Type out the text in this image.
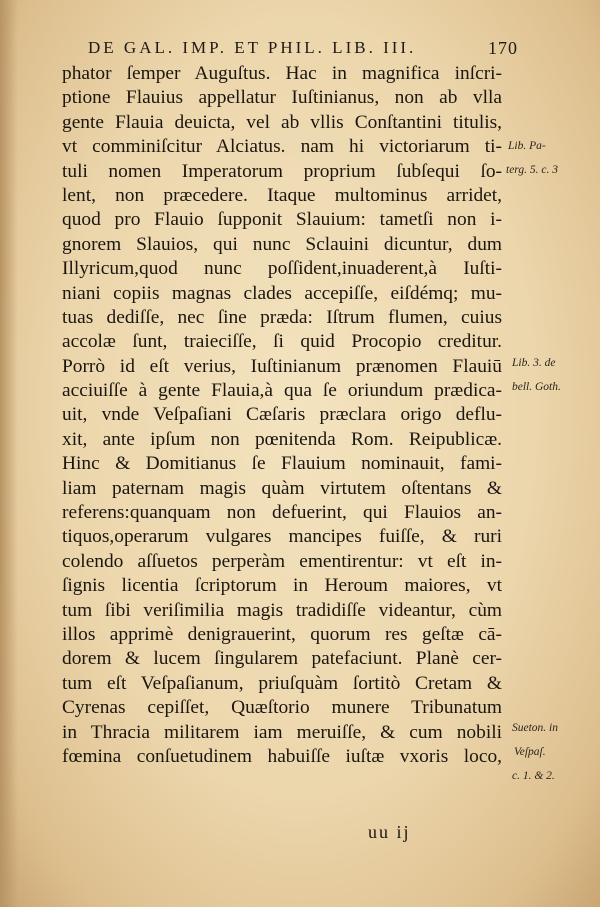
DE GAL. IMP. ET PHIL. LIB. III.	170
phator ſemper Auguſtus. Hac in magnifica inſcri-
ptione Flauius appellatur Iuſtinianus, non ab vlla
gente Flauia deuicta, vel ab vllis Conſtantini titulis,
vt comminiſcitur Alciatus. nam hi victoriarum ti-
tuli nomen Imperatorum proprium ſubſequi ſo-
lent, non præcedere. Itaque multominus arridet,
quod pro Flauio ſupponit Slauium: tametſi non i-
gnorem Slauios, qui nunc Sclauini dicuntur, dum
Illyricum,quod nunc poſſident,inuaderent,à Iuſti-
niani copiis magnas clades accepiſſe, eiſdémq; mu-
tuas dediſſe, nec ſine præda: Iſtrum flumen, cuius
accolæ ſunt, traieciſſe, ſi quid Procopio creditur.
Porrò id eſt verius, Iuſtinianum prænomen Flauiū
acciuiſſe à gente Flauia,à qua ſe oriundum prædica-
uit, vnde Veſpaſiani Cæſaris præclara origo deflu-
xit, ante ipſum non pœnitenda Rom. Reipublicæ.
Hinc & Domitianus ſe Flauium nominauit, fami-
liam paternam magis quàm virtutem oſtentans &
referens:quanquam non defuerint, qui Flauios an-
tiquos,operarum vulgares mancipes fuiſſe, & ruri
colendo aſſuetos perperàm ementirentur: vt eſt in-
ſignis licentia ſcriptorum in Heroum maiores, vt
tum ſibi veriſimilia magis tradidiſſe videantur, cùm
illos apprimè denigrauerint, quorum res geſtæ cā-
dorem & lucem ſingularem patefaciunt. Planè cer-
tum eſt Veſpaſianum, priuſquàm ſortitò Cretam &
Cyrenas cepiſſet, Quæſtorio munere Tribunatum
in Thracia militarem iam meruiſſe, & cum nobili
fœmina conſuetudinem habuiſſe iuſtæ vxoris loco,
Lib. Pa-
terg. 5. c. 3
Lib. 3. de
bell. Goth.
Sueton. in
Veſpaſ.
c. 1. & 2.
uu ij
